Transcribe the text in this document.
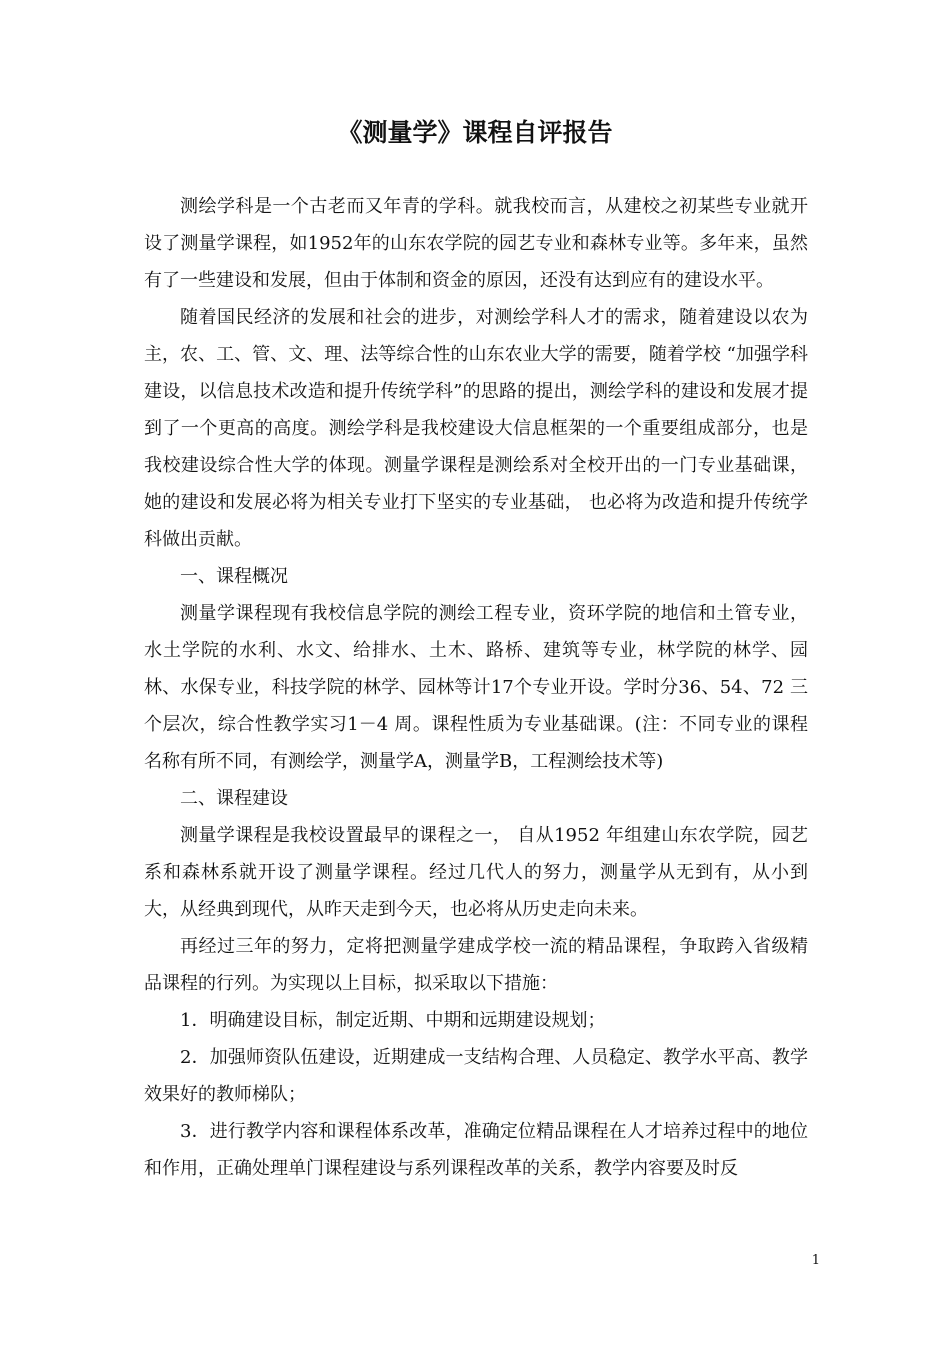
《测量学》课程自评报告

测绘学科是一个古老而又年青的学科。就我校而言，从建校之初某些专业就开设了测量学课程，如1952年的山东农学院的园艺专业和森林专业等。多年来，虽然有了一些建设和发展，但由于体制和资金的原因，还没有达到应有的建设水平。

随着国民经济的发展和社会的进步，对测绘学科人才的需求，随着建设以农为主，农、工、管、文、理、法等综合性的山东农业大学的需要，随着学校 “加强学科建设，以信息技术改造和提升传统学科”的思路的提出，测绘学科的建设和发展才提到了一个更高的高度。测绘学科是我校建设大信息框架的一个重要组成部分，也是我校建设综合性大学的体现。测量学课程是测绘系对全校开出的一门专业基础课，她的建设和发展必将为相关专业打下坚实的专业基础， 也必将为改造和提升传统学科做出贡献。

一、课程概况

测量学课程现有我校信息学院的测绘工程专业，资环学院的地信和土管专业，水土学院的水利、水文、给排水、土木、路桥、建筑等专业，林学院的林学、园林、水保专业，科技学院的林学、园林等计17个专业开设。学时分36、54、72 三个层次，综合性教学实习1－4 周。课程性质为专业基础课。(注：不同专业的课程名称有所不同，有测绘学，测量学A，测量学B，工程测绘技术等)

二、课程建设

测量学课程是我校设置最早的课程之一， 自从1952 年组建山东农学院，园艺系和森林系就开设了测量学课程。经过几代人的努力，测量学从无到有，从小到大，从经典到现代，从昨天走到今天，也必将从历史走向未来。

再经过三年的努力，定将把测量学建成学校一流的精品课程，争取跨入省级精品课程的行列。为实现以上目标，拟采取以下措施：

1．明确建设目标，制定近期、中期和远期建设规划；

2．加强师资队伍建设，近期建成一支结构合理、人员稳定、教学水平高、教学效果好的教师梯队；

3．进行教学内容和课程体系改革，准确定位精品课程在人才培养过程中的地位和作用，正确处理单门课程建设与系列课程改革的关系，教学内容要及时反

1
